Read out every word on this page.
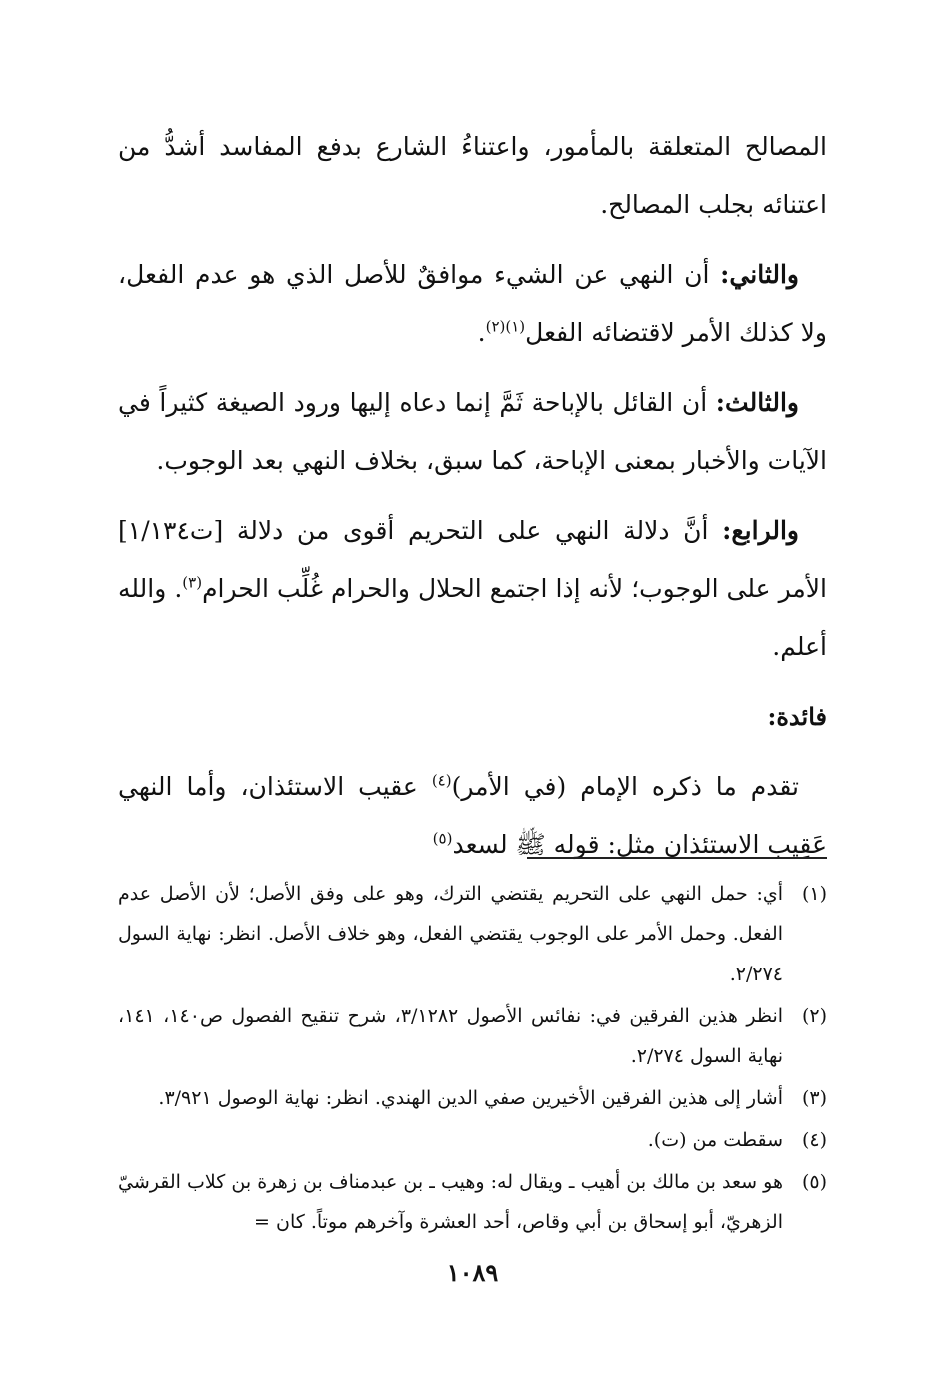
المصالح المتعلقة بالمأمور، واعتناءُ الشارع بدفع المفاسد أشدُّ من اعتنائه بجلب المصالح.

والثاني: أن النهي عن الشيء موافقٌ للأصل الذي هو عدم الفعل، ولا كذلك الأمر لاقتضائه الفعل$^{(١)(٢)}$.

والثالث: أن القائل بالإباحة ثَمَّ إنما دعاه إليها ورود الصيغة كثيراً في الآيات والأخبار بمعنى الإباحة، كما سبق، بخلاف النهي بعد الوجوب.

والرابع: أنَّ دلالة النهي على التحريم أقوى من دلالة [ت١/١٣٤] الأمر على الوجوب؛ لأنه إذا اجتمع الحلال والحرام غُلِّب الحرام$^{(٣)}$. والله أعلم.

فائدة:

تقدم ما ذكره الإمام (في الأمر)$^{(٤)}$ عقيب الاستئذان، وأما النهي عَقِيب الاستئذان مثل: قوله ﷺ لسعد$^{(٥)}$

(١)
أي: حمل النهي على التحريم يقتضي الترك، وهو على وفق الأصل؛ لأن الأصل عدم الفعل. وحمل الأمر على الوجوب يقتضي الفعل، وهو خلاف الأصل. انظر: نهاية السول ٢/٢٧٤.
(٢)
انظر هذين الفرقين في: نفائس الأصول ٣/١٢٨٢، شرح تنقيح الفصول ص١٤٠، ١٤١، نهاية السول ٢/٢٧٤.
(٣)
أشار إلى هذين الفرقين الأخيرين صفي الدين الهندي. انظر: نهاية الوصول ٣/٩٢١.
(٤)
سقطت من (ت).
(٥)
هو سعد بن مالك بن أهيب ـ ويقال له: وهيب ـ بن عبدمناف بن زهرة بن كلاب القرشيّ الزهريّ، أبو إسحاق بن أبي وقاص، أحد العشرة وآخرهم موتاً. كان =
١٠٨٩
